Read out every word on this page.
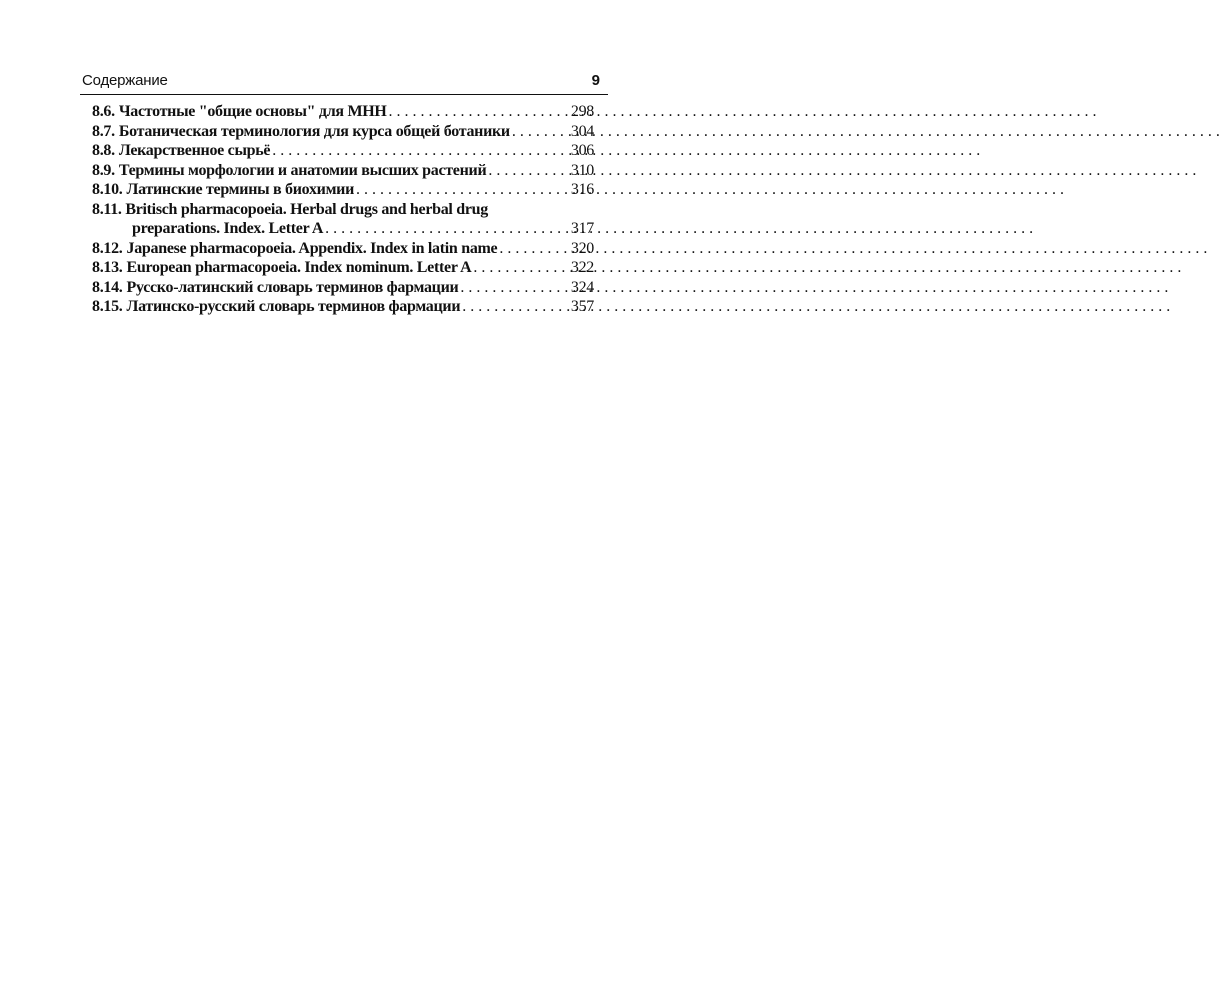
Содержание	9
8.6. Частотные "общие основы" для МНН . . .	298
8.7. Ботаническая терминология для курса общей ботаники . . .	304
8.8. Лекарственное сырьё . . .	306
8.9. Термины морфологии и анатомии высших растений . . .	310
8.10. Латинские термины в биохимии . . .	316
8.11. Britisch pharmacopoeia. Herbal drugs and herbal drug
preparations. Index. Letter A . . .	317
8.12. Japanese pharmacopoeia. Appendix. Index in latin name . . .	320
8.13. European pharmacopoeia. Index nominum. Letter A . . .	322
8.14. Русско-латинский словарь терминов фармации . . .	324
8.15. Латинско-русский словарь терминов фармации . . .	357
